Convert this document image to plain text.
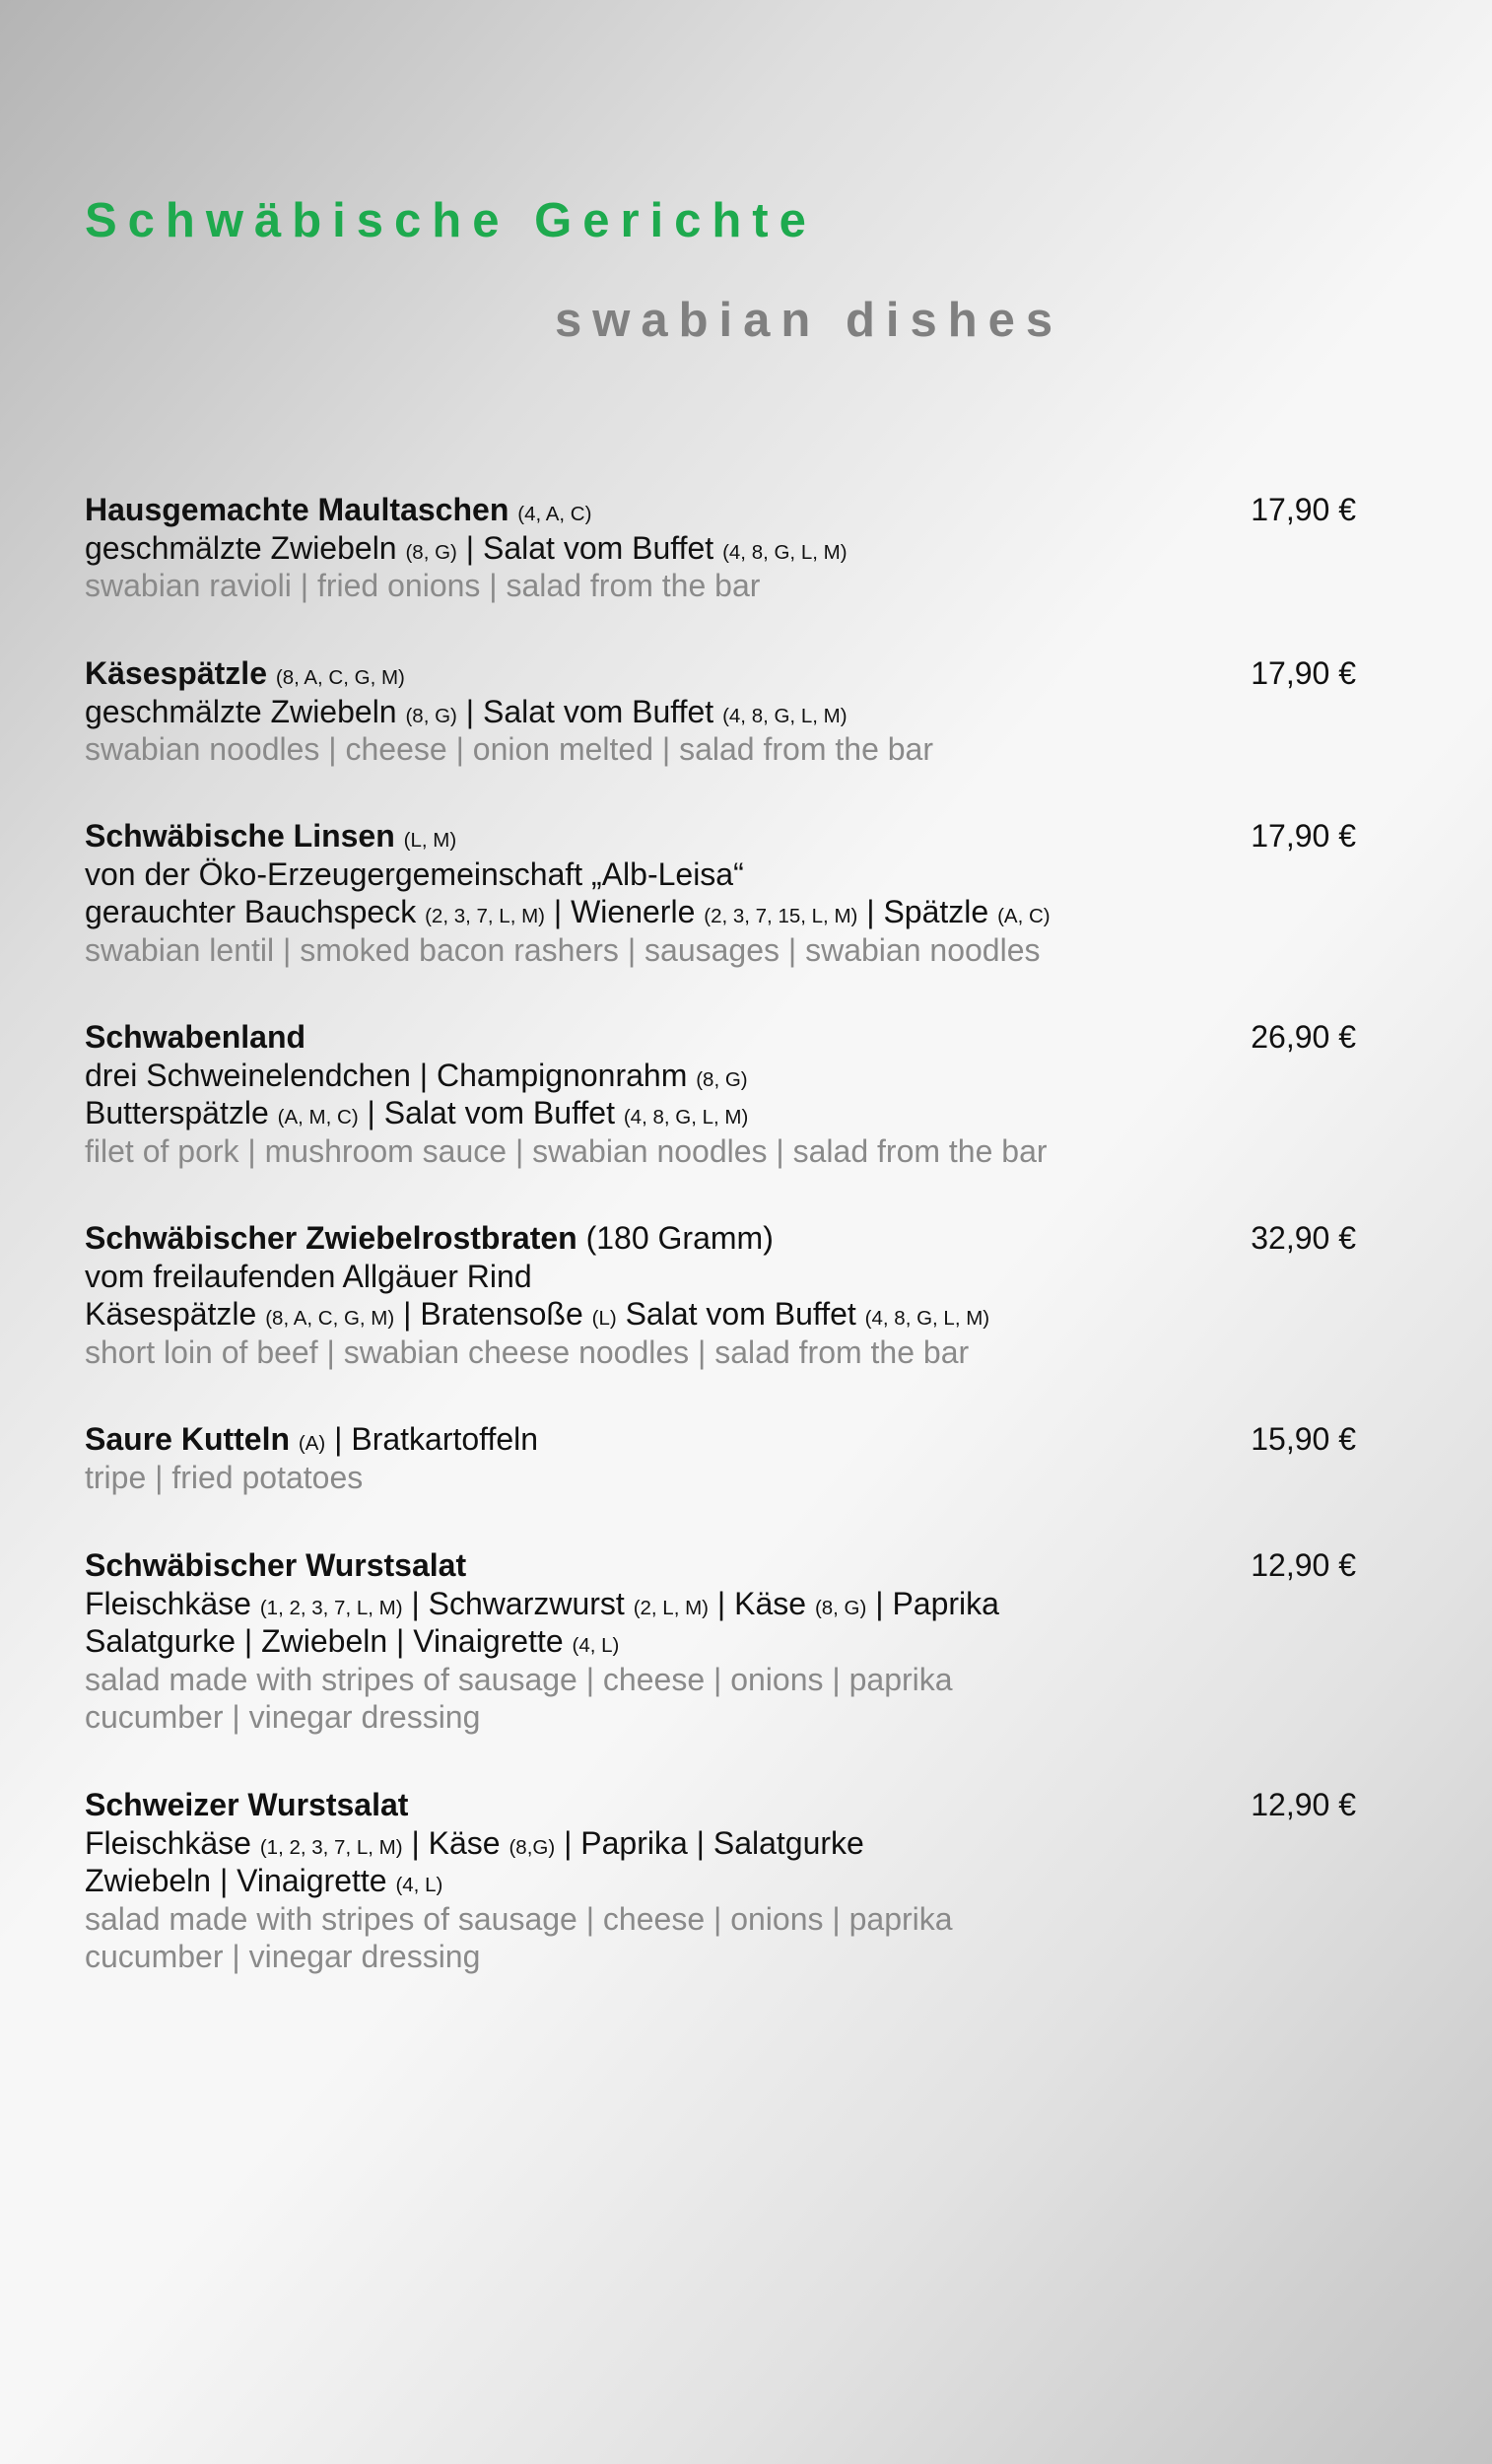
Schwäbische Gerichte
swabian dishes
Hausgemachte Maultaschen (4, A, C)	17,90 €
geschmälzte Zwiebeln (8, G) | Salat vom Buffet (4, 8, G, L, M)
swabian ravioli | fried onions | salad from the bar
Käsespätzle (8, A, C, G, M)	17,90 €
geschmälzte Zwiebeln (8, G) | Salat vom Buffet (4, 8, G, L, M)
swabian noodles | cheese | onion melted | salad from the bar
Schwäbische Linsen (L, M)	17,90 €
von der Öko-Erzeugergemeinschaft „Alb-Leisa“
gerauchter Bauchspeck (2, 3, 7, L, M) | Wienerle (2, 3, 7, 15, L, M) | Spätzle (A, C)
swabian lentil | smoked bacon rashers | sausages | swabian noodles
Schwabenland	26,90 €
drei Schweinelendchen | Champignonrahm (8, G)
Butterspätzle (A, M, C) | Salat vom Buffet (4, 8, G, L, M)
filet of pork | mushroom sauce | swabian noodles | salad from the bar
Schwäbischer Zwiebelrostbraten (180 Gramm)	32,90 €
vom freilaufenden Allgäuer Rind
Käsespätzle (8, A, C, G, M) | Bratensoße (L) Salat vom Buffet (4, 8, G, L, M)
short loin of beef | swabian cheese noodles | salad from the bar
Saure Kutteln (A) | Bratkartoffeln	15,90 €
tripe | fried potatoes
Schwäbischer Wurstsalat	12,90 €
Fleischkäse (1, 2, 3, 7, L, M) | Schwarzwurst (2, L, M) | Käse (8, G) | Paprika
Salatgurke | Zwiebeln | Vinaigrette (4, L)
salad made with stripes of sausage | cheese | onions | paprika
cucumber | vinegar dressing
Schweizer Wurstsalat	12,90 €
Fleischkäse (1, 2, 3, 7, L, M) | Käse (8,G) | Paprika | Salatgurke
Zwiebeln | Vinaigrette (4, L)
salad made with stripes of sausage | cheese | onions | paprika
cucumber | vinegar dressing
